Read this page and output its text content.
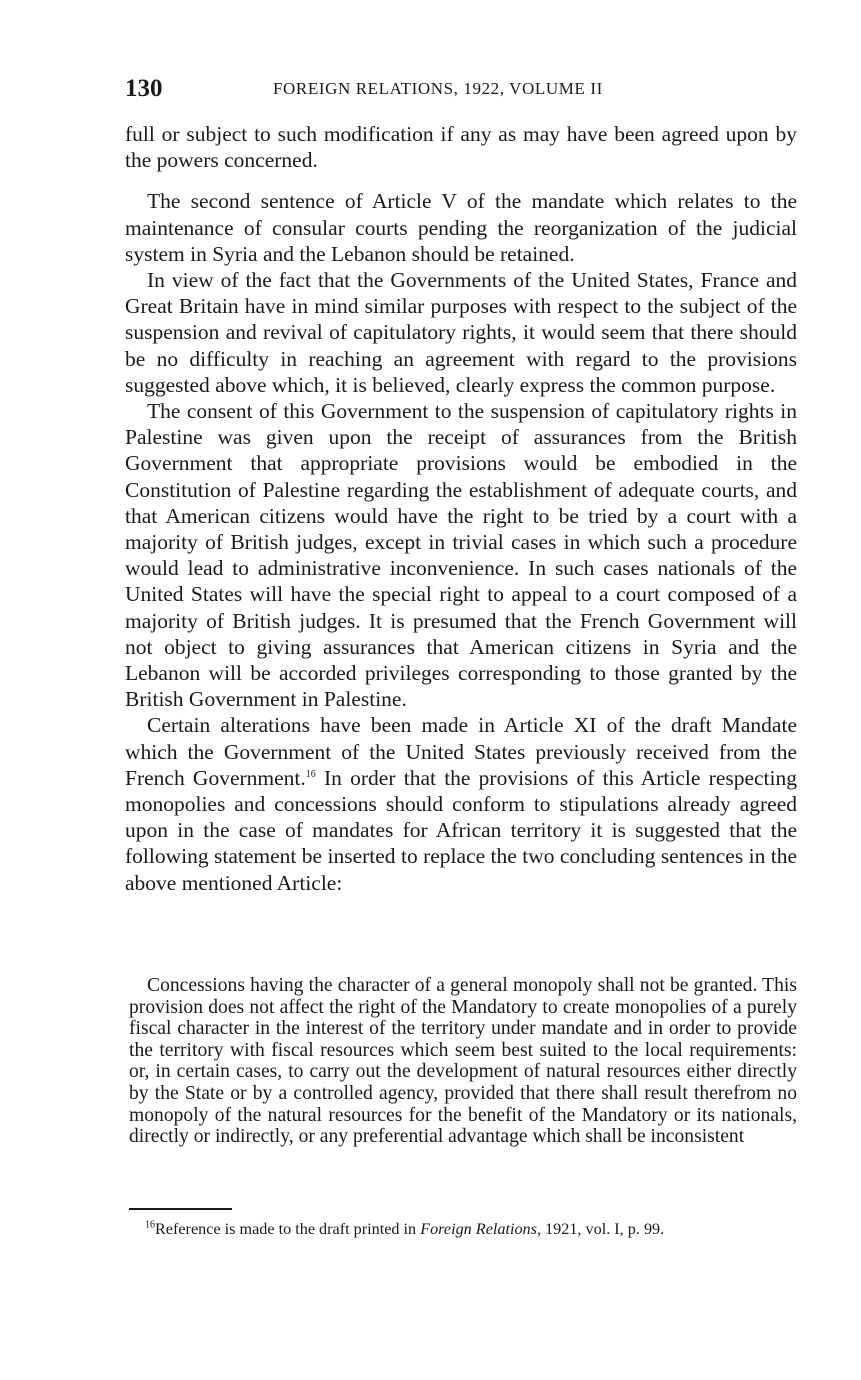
130	FOREIGN RELATIONS, 1922, VOLUME II

full or subject to such modification if any as may have been agreed upon by the powers concerned.

The second sentence of Article V of the mandate which relates to the maintenance of consular courts pending the reorganization of the judicial system in Syria and the Lebanon should be retained.

In view of the fact that the Governments of the United States, France and Great Britain have in mind similar purposes with respect to the subject of the suspension and revival of capitulatory rights, it would seem that there should be no difficulty in reaching an agreement with regard to the provisions suggested above which, it is believed, clearly express the common purpose.

The consent of this Government to the suspension of capitulatory rights in Palestine was given upon the receipt of assurances from the British Government that appropriate provisions would be embodied in the Constitution of Palestine regarding the establishment of adequate courts, and that American citizens would have the right to be tried by a court with a majority of British judges, except in trivial cases in which such a procedure would lead to administrative inconvenience. In such cases nationals of the United States will have the special right to appeal to a court composed of a majority of British judges. It is presumed that the French Government will not object to giving assurances that American citizens in Syria and the Lebanon will be accorded privileges corresponding to those granted by the British Government in Palestine.

Certain alterations have been made in Article XI of the draft Mandate which the Government of the United States previously received from the French Government.$^{16}$ In order that the provisions of this Article respecting monopolies and concessions should conform to stipulations already agreed upon in the case of mandates for African territory it is suggested that the following statement be inserted to replace the two concluding sentences in the above mentioned Article:

Concessions having the character of a general monopoly shall not be granted. This provision does not affect the right of the Mandatory to create monopolies of a purely fiscal character in the interest of the territory under mandate and in order to provide the territory with fiscal resources which seem best suited to the local requirements: or, in certain cases, to carry out the development of natural resources either directly by the State or by a controlled agency, provided that there shall result therefrom no monopoly of the natural resources for the benefit of the Mandatory or its nationals, directly or indirectly, or any preferential advantage which shall be inconsistent
$^{16}$Reference is made to the draft printed in Foreign Relations, 1921, vol. I, p. 99.
